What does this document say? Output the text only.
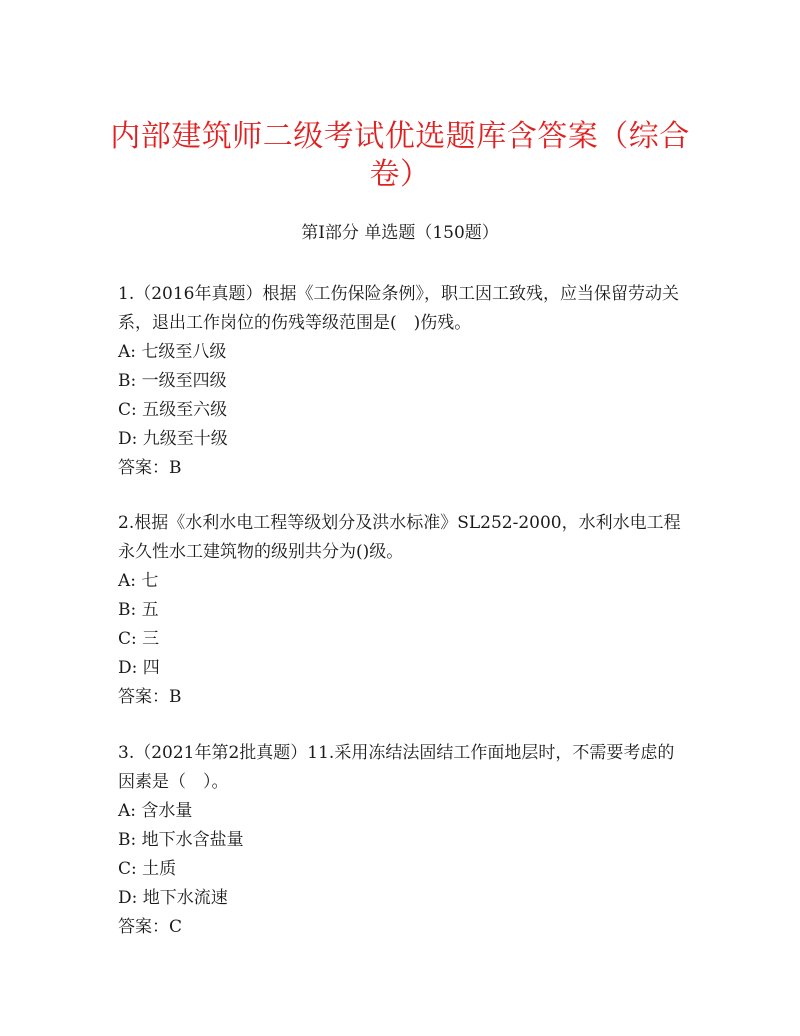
内部建筑师二级考试优选题库含答案（综合卷）
第I部分 单选题（150题）

1.（2016年真题）根据《工伤保险条例》，职工因工致残，应当保留劳动关系，退出工作岗位的伤残等级范围是(　)伤残。

A: 七级至八级

B: 一级至四级

C: 五级至六级

D: 九级至十级

答案：B

2.根据《水利水电工程等级划分及洪水标准》SL252-2000，水利水电工程永久性水工建筑物的级别共分为()级。

A: 七

B: 五

C: 三

D: 四

答案：B

3.（2021年第2批真题）11.采用冻结法固结工作面地层时，不需要考虑的因素是（　）。

A: 含水量

B: 地下水含盐量

C: 土质

D: 地下水流速

答案：C
